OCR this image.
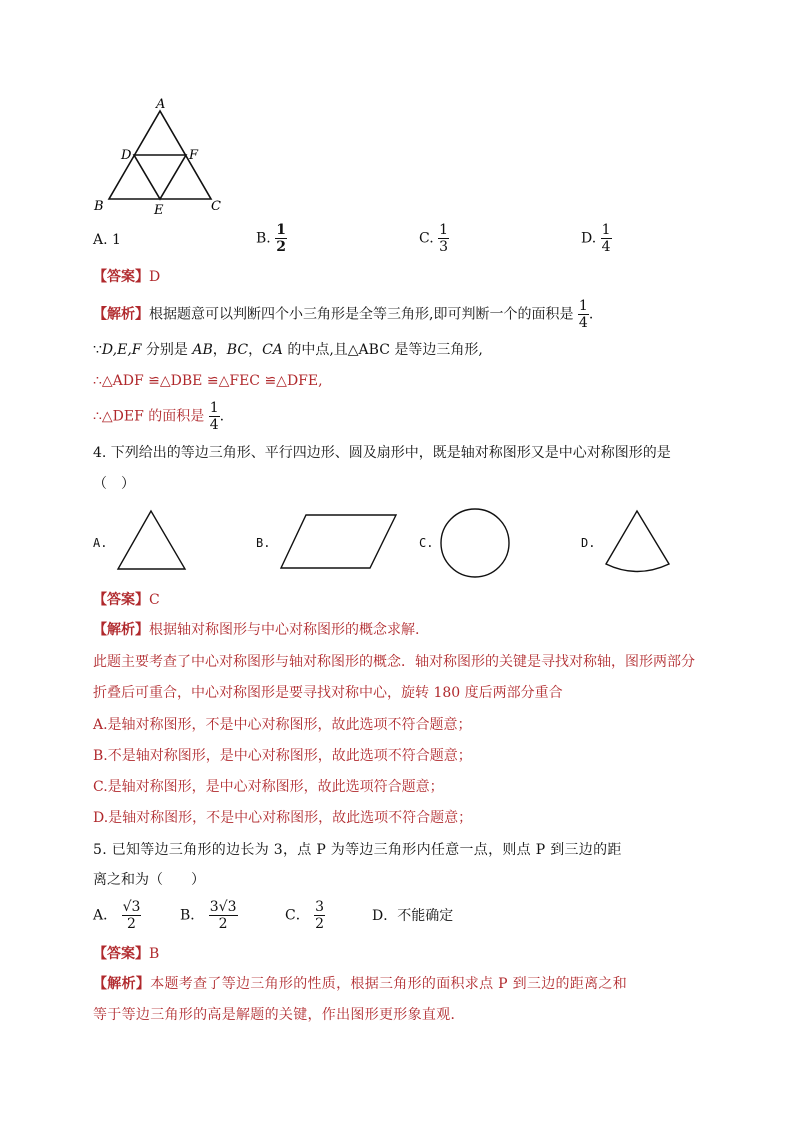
A
D	F
B	E	C
A. 1	B. $\frac{1}{2}$	C. $\frac{1}{3}$	D. $\frac{1}{4}$
【答案】D
【解析】根据题意可以判断四个小三角形是全等三角形,即可判断一个的面积是 $\frac{1}{4}$ .
∵D,E,F 分别是 AB，BC，CA 的中点,且△ABC 是等边三角形,
∴△ADF ≌△DBE ≌△FEC ≌△DFE,
∴△DEF 的面积是 $\frac{1}{4}$ .
4. 下列给出的等边三角形、平行四边形、圆及扇形中，既是轴对称图形又是中心对称图形的是
（　）
A.	B.	C.	D.
【答案】C
【解析】根据轴对称图形与中心对称图形的概念求解.
此题主要考查了中心对称图形与轴对称图形的概念．轴对称图形的关键是寻找对称轴，图形两部分
折叠后可重合，中心对称图形是要寻找对称中心，旋转 180 度后两部分重合
A.是轴对称图形，不是中心对称图形，故此选项不符合题意；
B.不是轴对称图形，是中心对称图形，故此选项不符合题意；
C.是轴对称图形，是中心对称图形，故此选项符合题意；
D.是轴对称图形，不是中心对称图形，故此选项不符合题意；
5. 已知等边三角形的边长为 3，点 P 为等边三角形内任意一点，则点 P 到三边的距
离之和为（　　）
A． $\frac{√3}{2}$	B． $\frac{3√3}{2}$	C． $\frac{3}{2}$	D．不能确定
【答案】B
【解析】本题考查了等边三角形的性质，根据三角形的面积求点 P 到三边的距离之和
等于等边三角形的高是解题的关键，作出图形更形象直观．
